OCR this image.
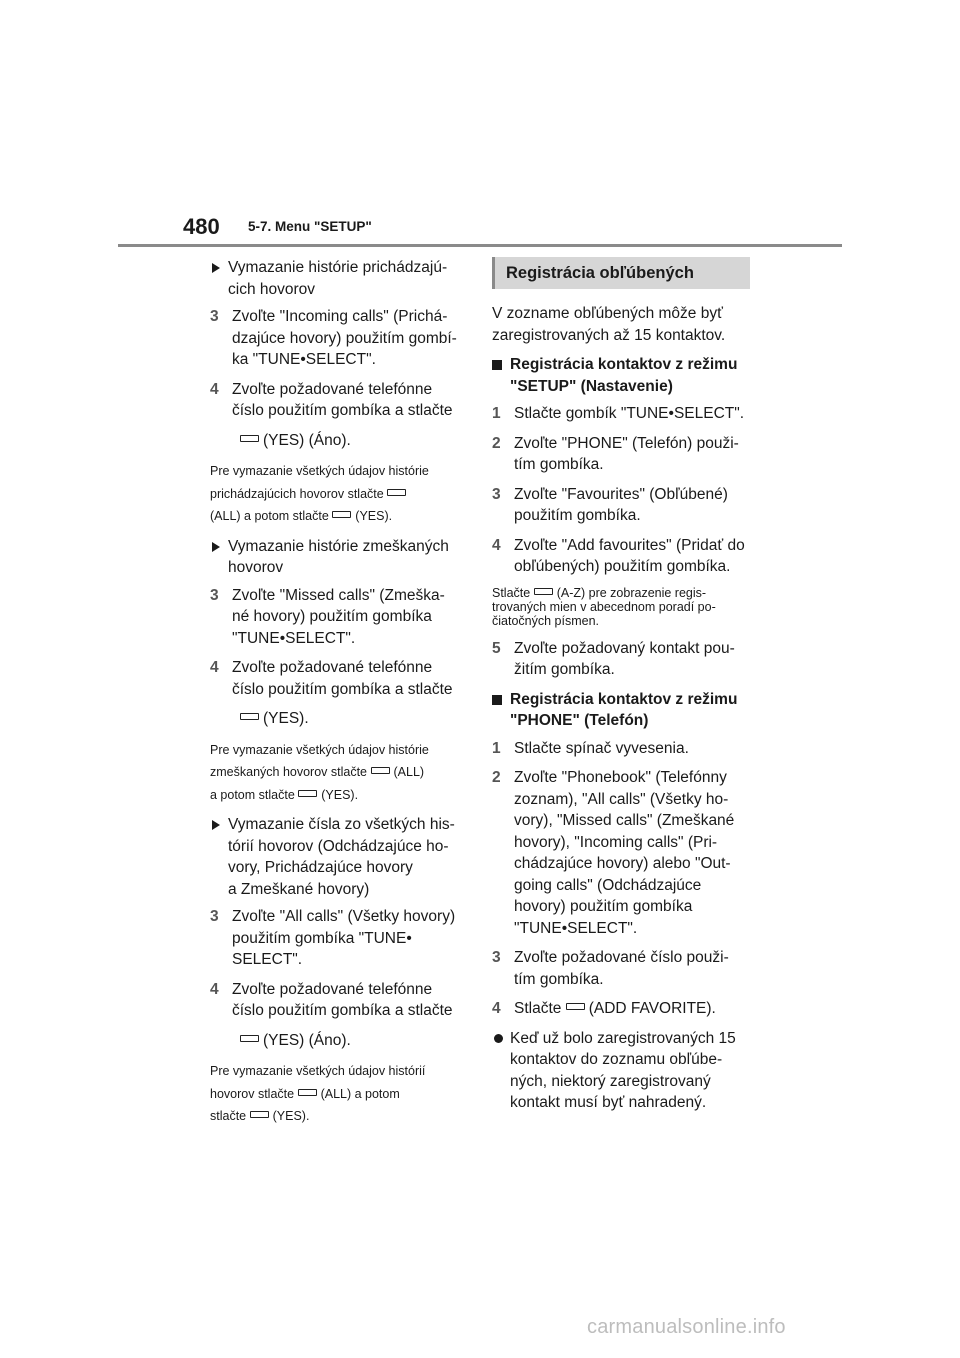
480 5-7. Menu "SETUP"
Vymazanie histórie prichádzajú-
cich hovorov
3 Zvoľte "Incoming calls" (Prichá-
dzajúce hovory) použitím gombí-
ka "TUNE•SELECT".
4 Zvoľte požadované telefónne
číslo použitím gombíka a stlačte
(YES) (Áno).
Pre vymazanie všetkých údajov histórie
prichádzajúcich hovorov stlačte
(ALL) a potom stlačte (YES).
Vymazanie histórie zmeškaných
hovorov
3 Zvoľte "Missed calls" (Zmeška-
né hovory) použitím gombíka
"TUNE•SELECT".
4 Zvoľte požadované telefónne
číslo použitím gombíka a stlačte
(YES).
Pre vymazanie všetkých údajov histórie
zmeškaných hovorov stlačte (ALL)
a potom stlačte (YES).
Vymazanie čísla zo všetkých his-
tórií hovorov (Odchádzajúce ho-
vory, Prichádzajúce hovory
a Zmeškané hovory)
3 Zvoľte "All calls" (Všetky hovory)
použitím gombíka "TUNE•
SELECT".
4 Zvoľte požadované telefónne
číslo použitím gombíka a stlačte
(YES) (Áno).
Pre vymazanie všetkých údajov histórií
hovorov stlačte (ALL) a potom
stlačte (YES).
Registrácia obľúbených
V zozname obľúbených môže byť
zaregistrovaných až 15 kontaktov.
Registrácia kontaktov z režimu
"SETUP" (Nastavenie)
1 Stlačte gombík "TUNE•SELECT".
2 Zvoľte "PHONE" (Telefón) použi-
tím gombíka.
3 Zvoľte "Favourites" (Obľúbené)
použitím gombíka.
4 Zvoľte "Add favourites" (Pridať do
obľúbených) použitím gombíka.
Stlačte (A-Z) pre zobrazenie regis-
trovaných mien v abecednom poradí po-
čiatočných písmen.
5 Zvoľte požadovaný kontakt pou-
žitím gombíka.
Registrácia kontaktov z režimu
"PHONE" (Telefón)
1 Stlačte spínač vyvesenia.
2 Zvoľte "Phonebook" (Telefónny
zoznam), "All calls" (Všetky ho-
vory), "Missed calls" (Zmeškané
hovory), "Incoming calls" (Pri-
chádzajúce hovory) alebo "Out-
going calls" (Odchádzajúce
hovory) použitím gombíka
"TUNE•SELECT".
3 Zvoľte požadované číslo použi-
tím gombíka.
4 Stlačte (ADD FAVORITE).
Keď už bolo zaregistrovaných 15
kontaktov do zoznamu obľúbe-
ných, niektorý zaregistrovaný
kontakt musí byť nahradený.
carmanualsonline.info
